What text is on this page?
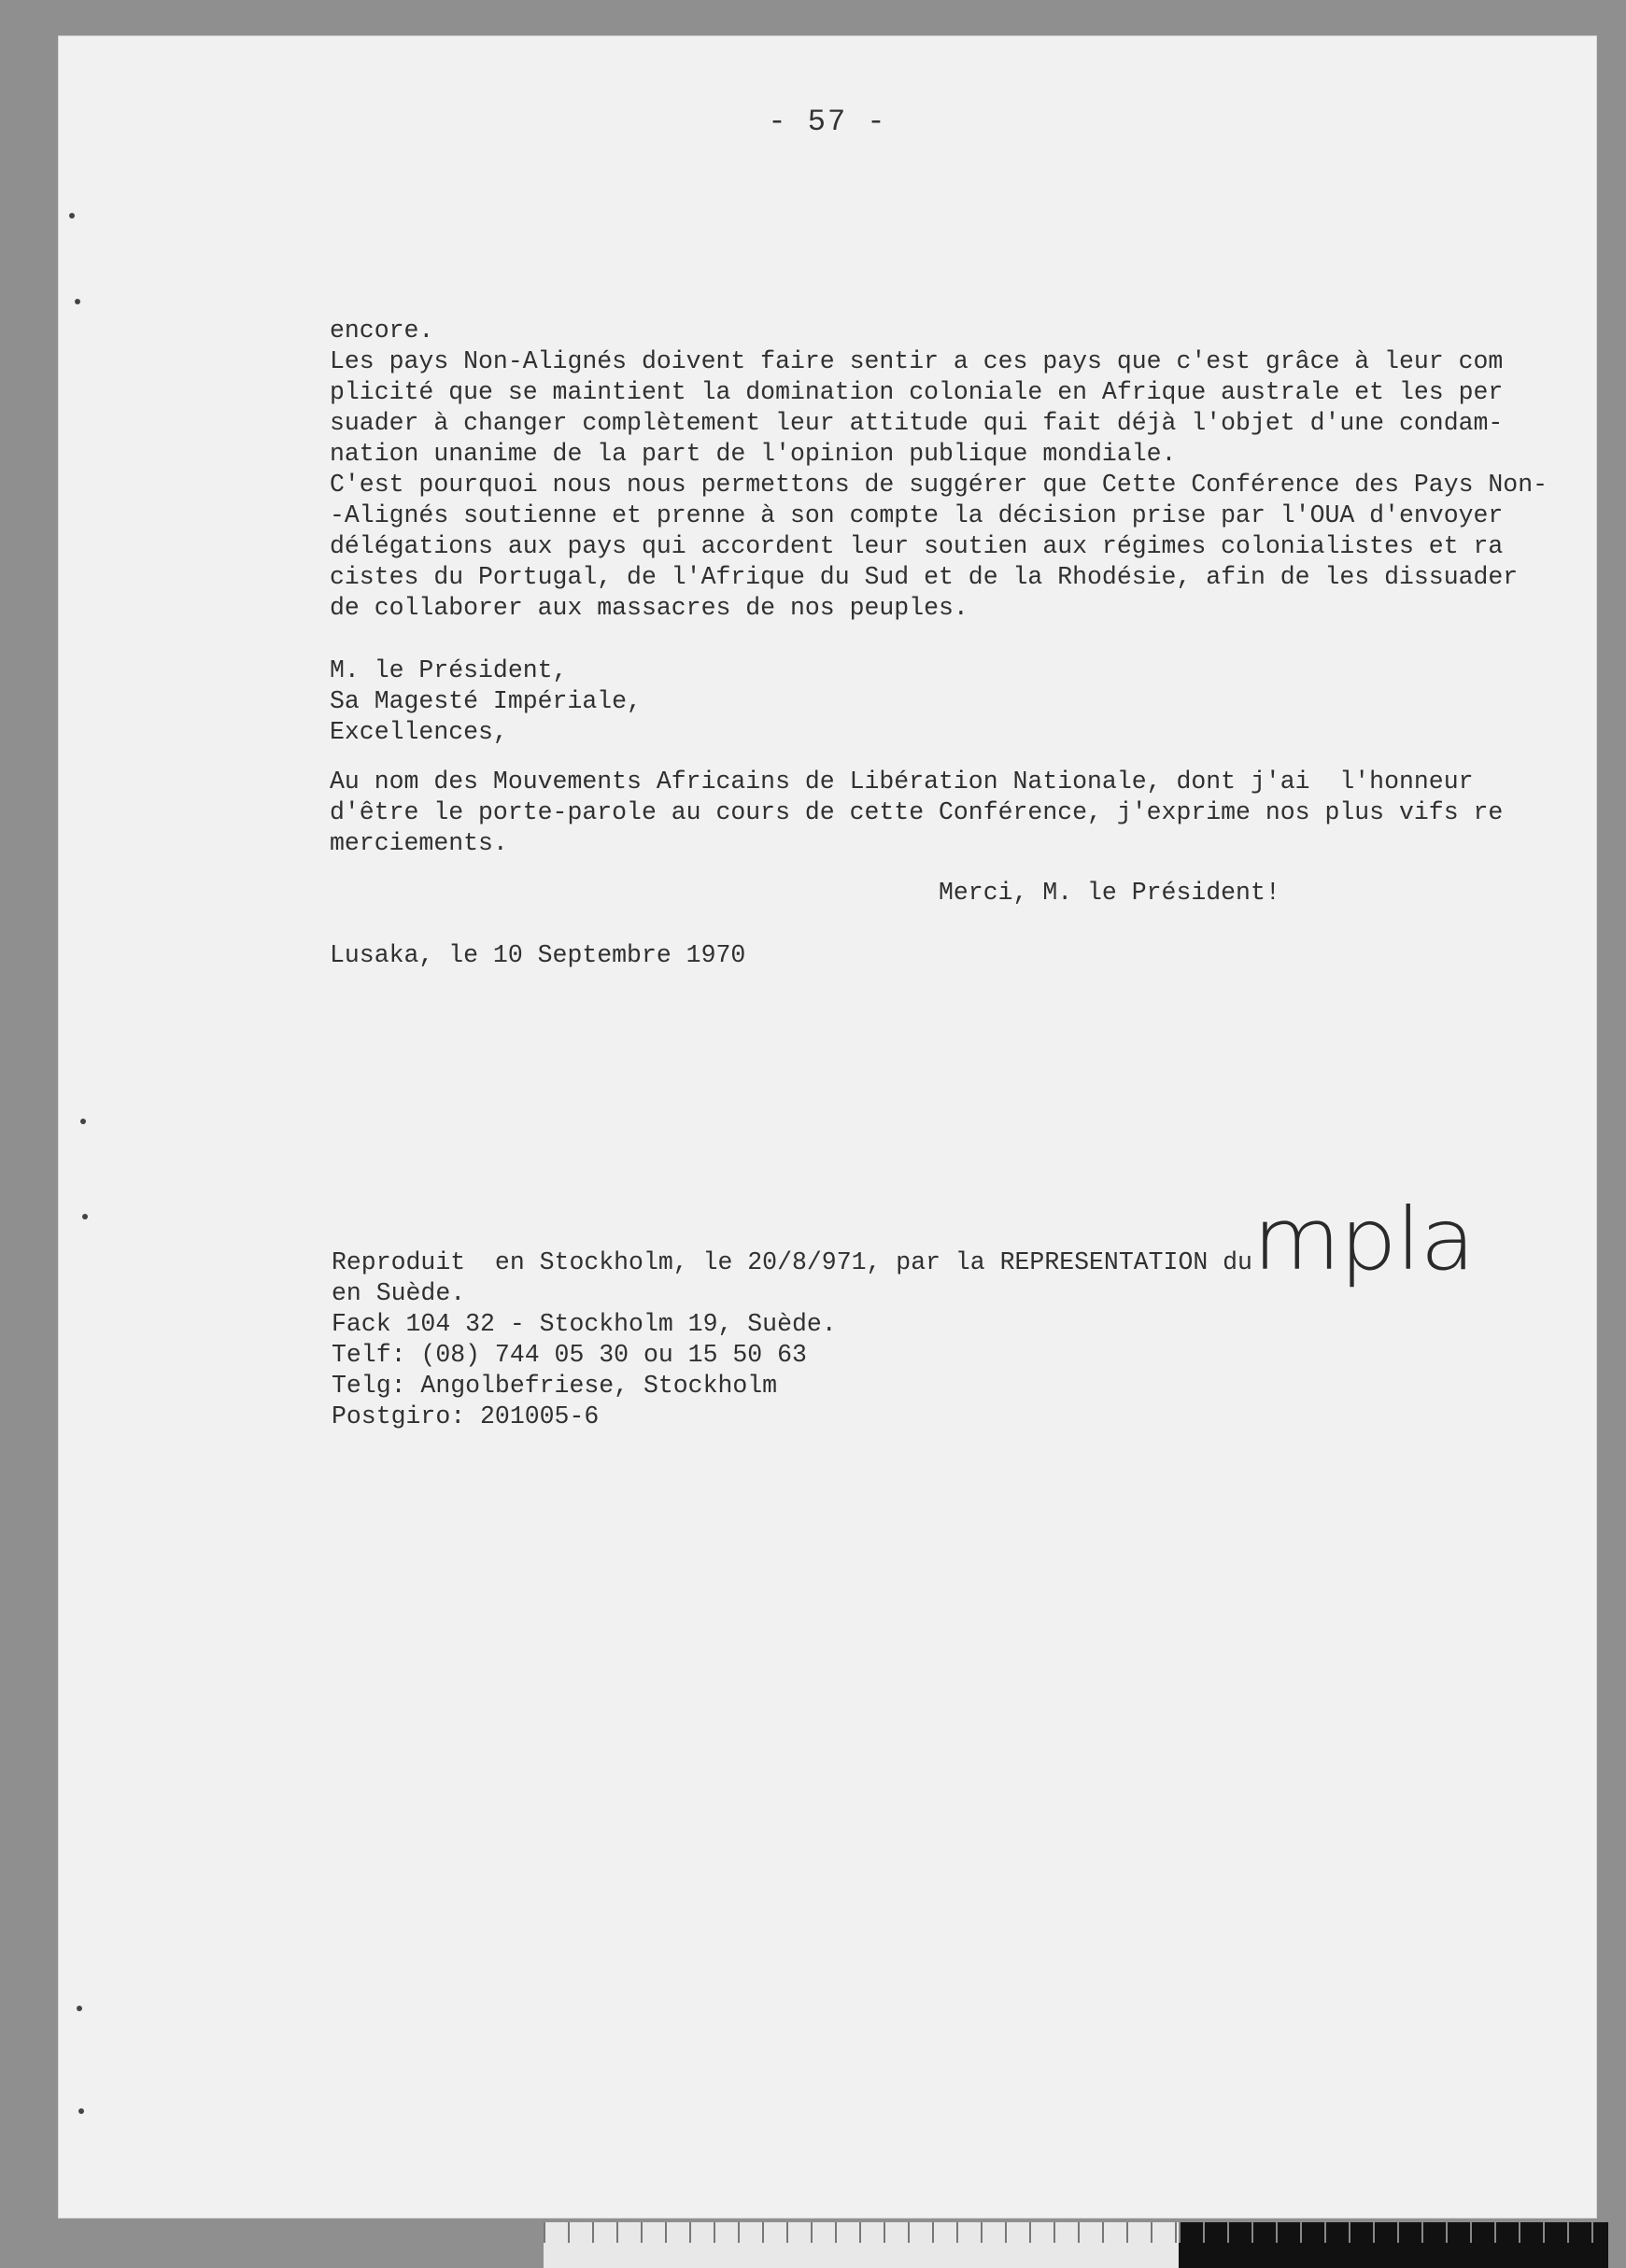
- 57 -
encore.
Les pays Non-Alignés doivent faire sentir a ces pays que c'est grâce à leur com
plicité que se maintient la domination coloniale en Afrique australe et les per
suader à changer complètement leur attitude qui fait déjà l'objet d'une condam-
nation unanime de la part de l'opinion publique mondiale.
C'est pourquoi nous nous permettons de suggérer que Cette Conférence des Pays Non-
-Alignés soutienne et prenne à son compte la décision prise par l'OUA d'envoyer
délégations aux pays qui accordent leur soutien aux régimes colonialistes et ra
cistes du Portugal, de l'Afrique du Sud et de la Rhodésie, afin de les dissuader
de collaborer aux massacres de nos peuples.
M. le Président,
Sa Magesté Impériale,
Excellences,
Au nom des Mouvements Africains de Libération Nationale, dont j'ai  l'honneur
d'être le porte-parole au cours de cette Conférence, j'exprime nos plus vifs re
merciements.
Merci, M. le Président!
Lusaka, le 10 Septembre 1970
Reproduit  en Stockholm, le 20/8/971, par la REPRESENTATION du
en Suède.
Fack 104 32 - Stockholm 19, Suède.
Telf: (08) 744 05 30 ou 15 50 63
Telg: Angolbefriese, Stockholm
Postgiro: 201005-6
mpla
